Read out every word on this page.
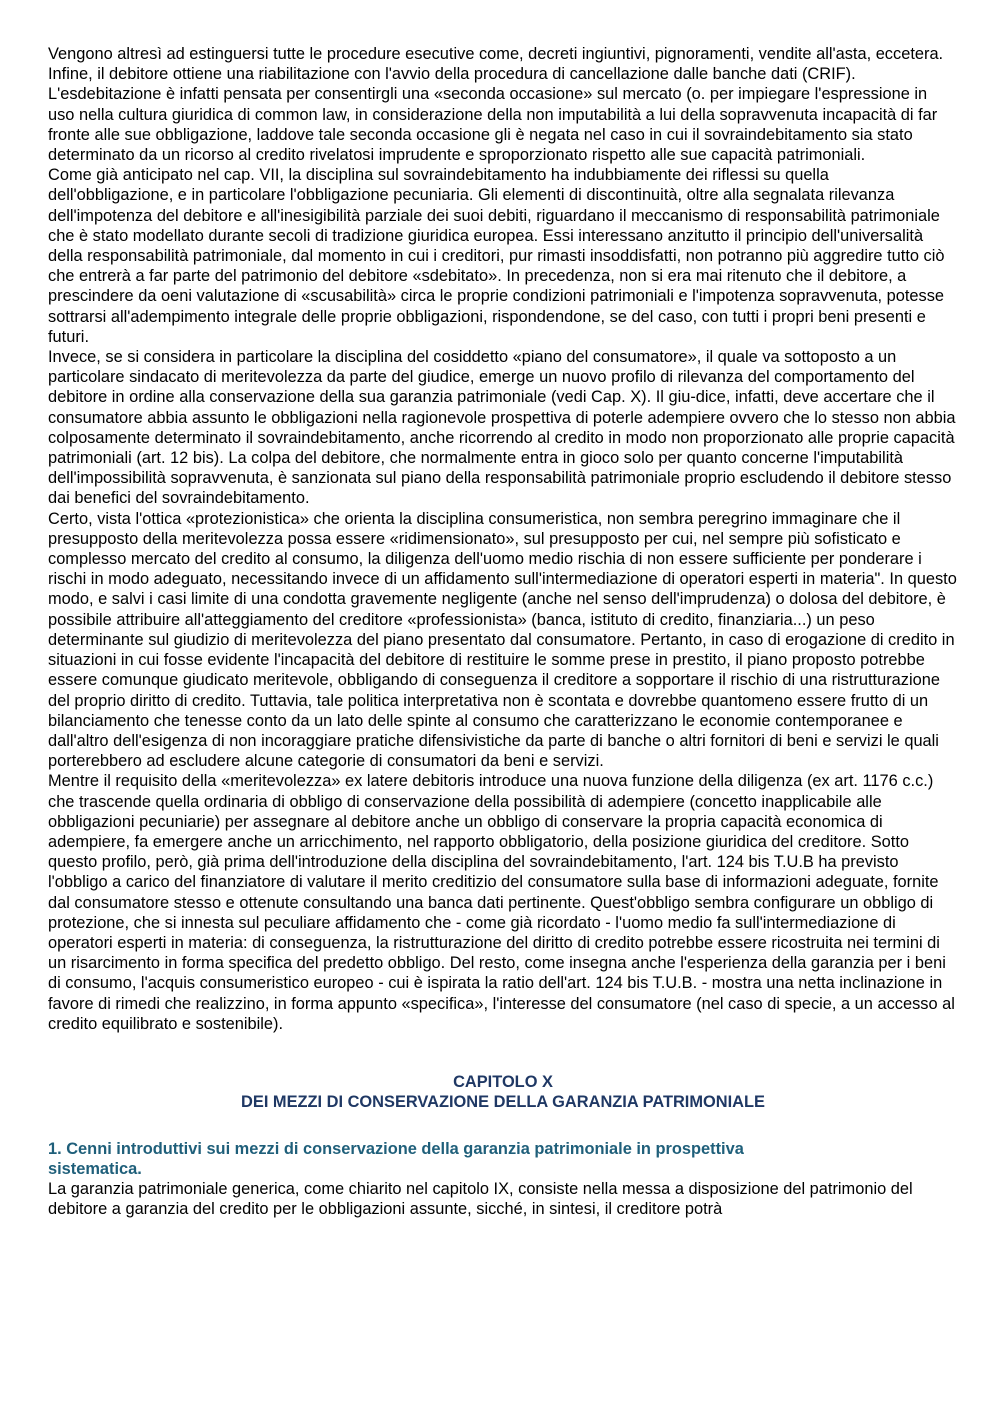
Vengono altresì ad estinguersi tutte le procedure esecutive come, decreti ingiuntivi, pignoramenti, vendite all'asta, eccetera. Infine, il debitore ottiene una riabilitazione con l'avvio della procedura di cancellazione dalle banche dati (CRIF).

L'esdebitazione è infatti pensata per consentirgli una «seconda occasione» sul mercato (o. per impiegare l'espressione in uso nella cultura giuridica di common law, in considerazione della non imputabilità a lui della sopravvenuta incapacità di far fronte alle sue obbligazione, laddove tale seconda occasione gli è negata nel caso in cui il sovraindebitamento sia stato determinato da un ricorso al credito rivelatosi imprudente e sproporzionato rispetto alle sue capacità patrimoniali.

Come già anticipato nel cap. VII, la disciplina sul sovraindebitamento ha indubbiamente dei riflessi su quella dell'obbligazione, e in particolare l'obbligazione pecuniaria. Gli elementi di discontinuità, oltre alla segnalata rilevanza dell'impotenza del debitore e all'inesigibilità parziale dei suoi debiti, riguardano il meccanismo di responsabilità patrimoniale che è stato modellato durante secoli di tradizione giuridica europea. Essi interessano anzitutto il principio dell'universalità della responsabilità patrimoniale, dal momento in cui i creditori, pur rimasti insoddisfatti, non potranno più aggredire tutto ciò che entrerà a far parte del patrimonio del debitore «sdebitato». In precedenza, non si era mai ritenuto che il debitore, a prescindere da oeni valutazione di «scusabilità» circa le proprie condizioni patrimoniali e l'impotenza sopravvenuta, potesse sottrarsi all'adempimento integrale delle proprie obbligazioni, rispondendone, se del caso, con tutti i propri beni presenti e futuri.

Invece, se si considera in particolare la disciplina del cosiddetto «piano del consumatore», il quale va sottoposto a un particolare sindacato di meritevolezza da parte del giudice, emerge un nuovo profilo di rilevanza del comportamento del debitore in ordine alla conservazione della sua garanzia patrimoniale (vedi Cap. X). Il giu-dice, infatti, deve accertare che il consumatore abbia assunto le obbligazioni nella ragionevole prospettiva di poterle adempiere ovvero che lo stesso non abbia colposamente determinato il sovraindebitamento, anche ricorrendo al credito in modo non proporzionato alle proprie capacità patrimoniali (art. 12 bis). La colpa del debitore, che normalmente entra in gioco solo per quanto concerne l'imputabilità dell'impossibilità sopravvenuta, è sanzionata sul piano della responsabilità patrimoniale proprio escludendo il debitore stesso dai benefici del sovraindebitamento.

Certo, vista l'ottica «protezionistica» che orienta la disciplina consumeristica, non sembra peregrino immaginare che il presupposto della meritevolezza possa essere «ridimensionato», sul presupposto per cui, nel sempre più sofisticato e complesso mercato del credito al consumo, la diligenza dell'uomo medio rischia di non essere sufficiente per ponderare i rischi in modo adeguato, necessitando invece di un affidamento sull'intermediazione di operatori esperti in materia". In questo modo, e salvi i casi limite di una condotta gravemente negligente (anche nel senso dell'imprudenza) o dolosa del debitore, è possibile attribuire all'atteggiamento del creditore «professionista» (banca, istituto di credito, finanziaria...) un peso determinante sul giudizio di meritevolezza del piano presentato dal consumatore. Pertanto, in caso di erogazione di credito in situazioni in cui fosse evidente l'incapacità del debitore di restituire le somme prese in prestito, il piano proposto potrebbe essere comunque giudicato meritevole, obbligando di conseguenza il creditore a sopportare il rischio di una ristrutturazione del proprio diritto di credito. Tuttavia, tale politica interpretativa non è scontata e dovrebbe quantomeno essere frutto di un bilanciamento che tenesse conto da un lato delle spinte al consumo che caratterizzano le economie contemporanee e dall'altro dell'esigenza di non incoraggiare pratiche difensivistiche da parte di banche o altri fornitori di beni e servizi le quali porterebbero ad escludere alcune categorie di consumatori da beni e servizi.

Mentre il requisito della «meritevolezza» ex latere debitoris introduce una nuova funzione della diligenza (ex art. 1176 c.c.) che trascende quella ordinaria di obbligo di conservazione della possibilità di adempiere (concetto inapplicabile alle obbligazioni pecuniarie) per assegnare al debitore anche un obbligo di conservare la propria capacità economica di adempiere, fa emergere anche un arricchimento, nel rapporto obbligatorio, della posizione giuridica del creditore. Sotto questo profilo, però, già prima dell'introduzione della disciplina del sovraindebitamento, l'art. 124 bis T.U.B ha previsto l'obbligo a carico del finanziatore di valutare il merito creditizio del consumatore sulla base di informazioni adeguate, fornite dal consumatore stesso e ottenute consultando una banca dati pertinente. Quest'obbligo sembra configurare un obbligo di protezione, che si innesta sul peculiare affidamento che - come già ricordato - l'uomo medio fa sull'intermediazione di operatori esperti in materia: di conseguenza, la ristrutturazione del diritto di credito potrebbe essere ricostruita nei termini di un risarcimento in forma specifica del predetto obbligo. Del resto, come insegna anche l'esperienza della garanzia per i beni di consumo, l'acquis consumeristico europeo - cui è ispirata la ratio dell'art. 124 bis T.U.B. - mostra una netta inclinazione in favore di rimedi che realizzino, in forma appunto «specifica», l'interesse del consumatore (nel caso di specie, a un accesso al credito equilibrato e sostenibile).

CAPITOLO X
DEI MEZZI DI CONSERVAZIONE DELLA GARANZIA PATRIMONIALE
1. Cenni introduttivi sui mezzi di conservazione della garanzia patrimoniale in prospettiva sistematica.

La garanzia patrimoniale generica, come chiarito nel capitolo IX, consiste nella messa a disposizione del patrimonio del debitore a garanzia del credito per le obbligazioni assunte, sicché, in sintesi, il creditore potrà
